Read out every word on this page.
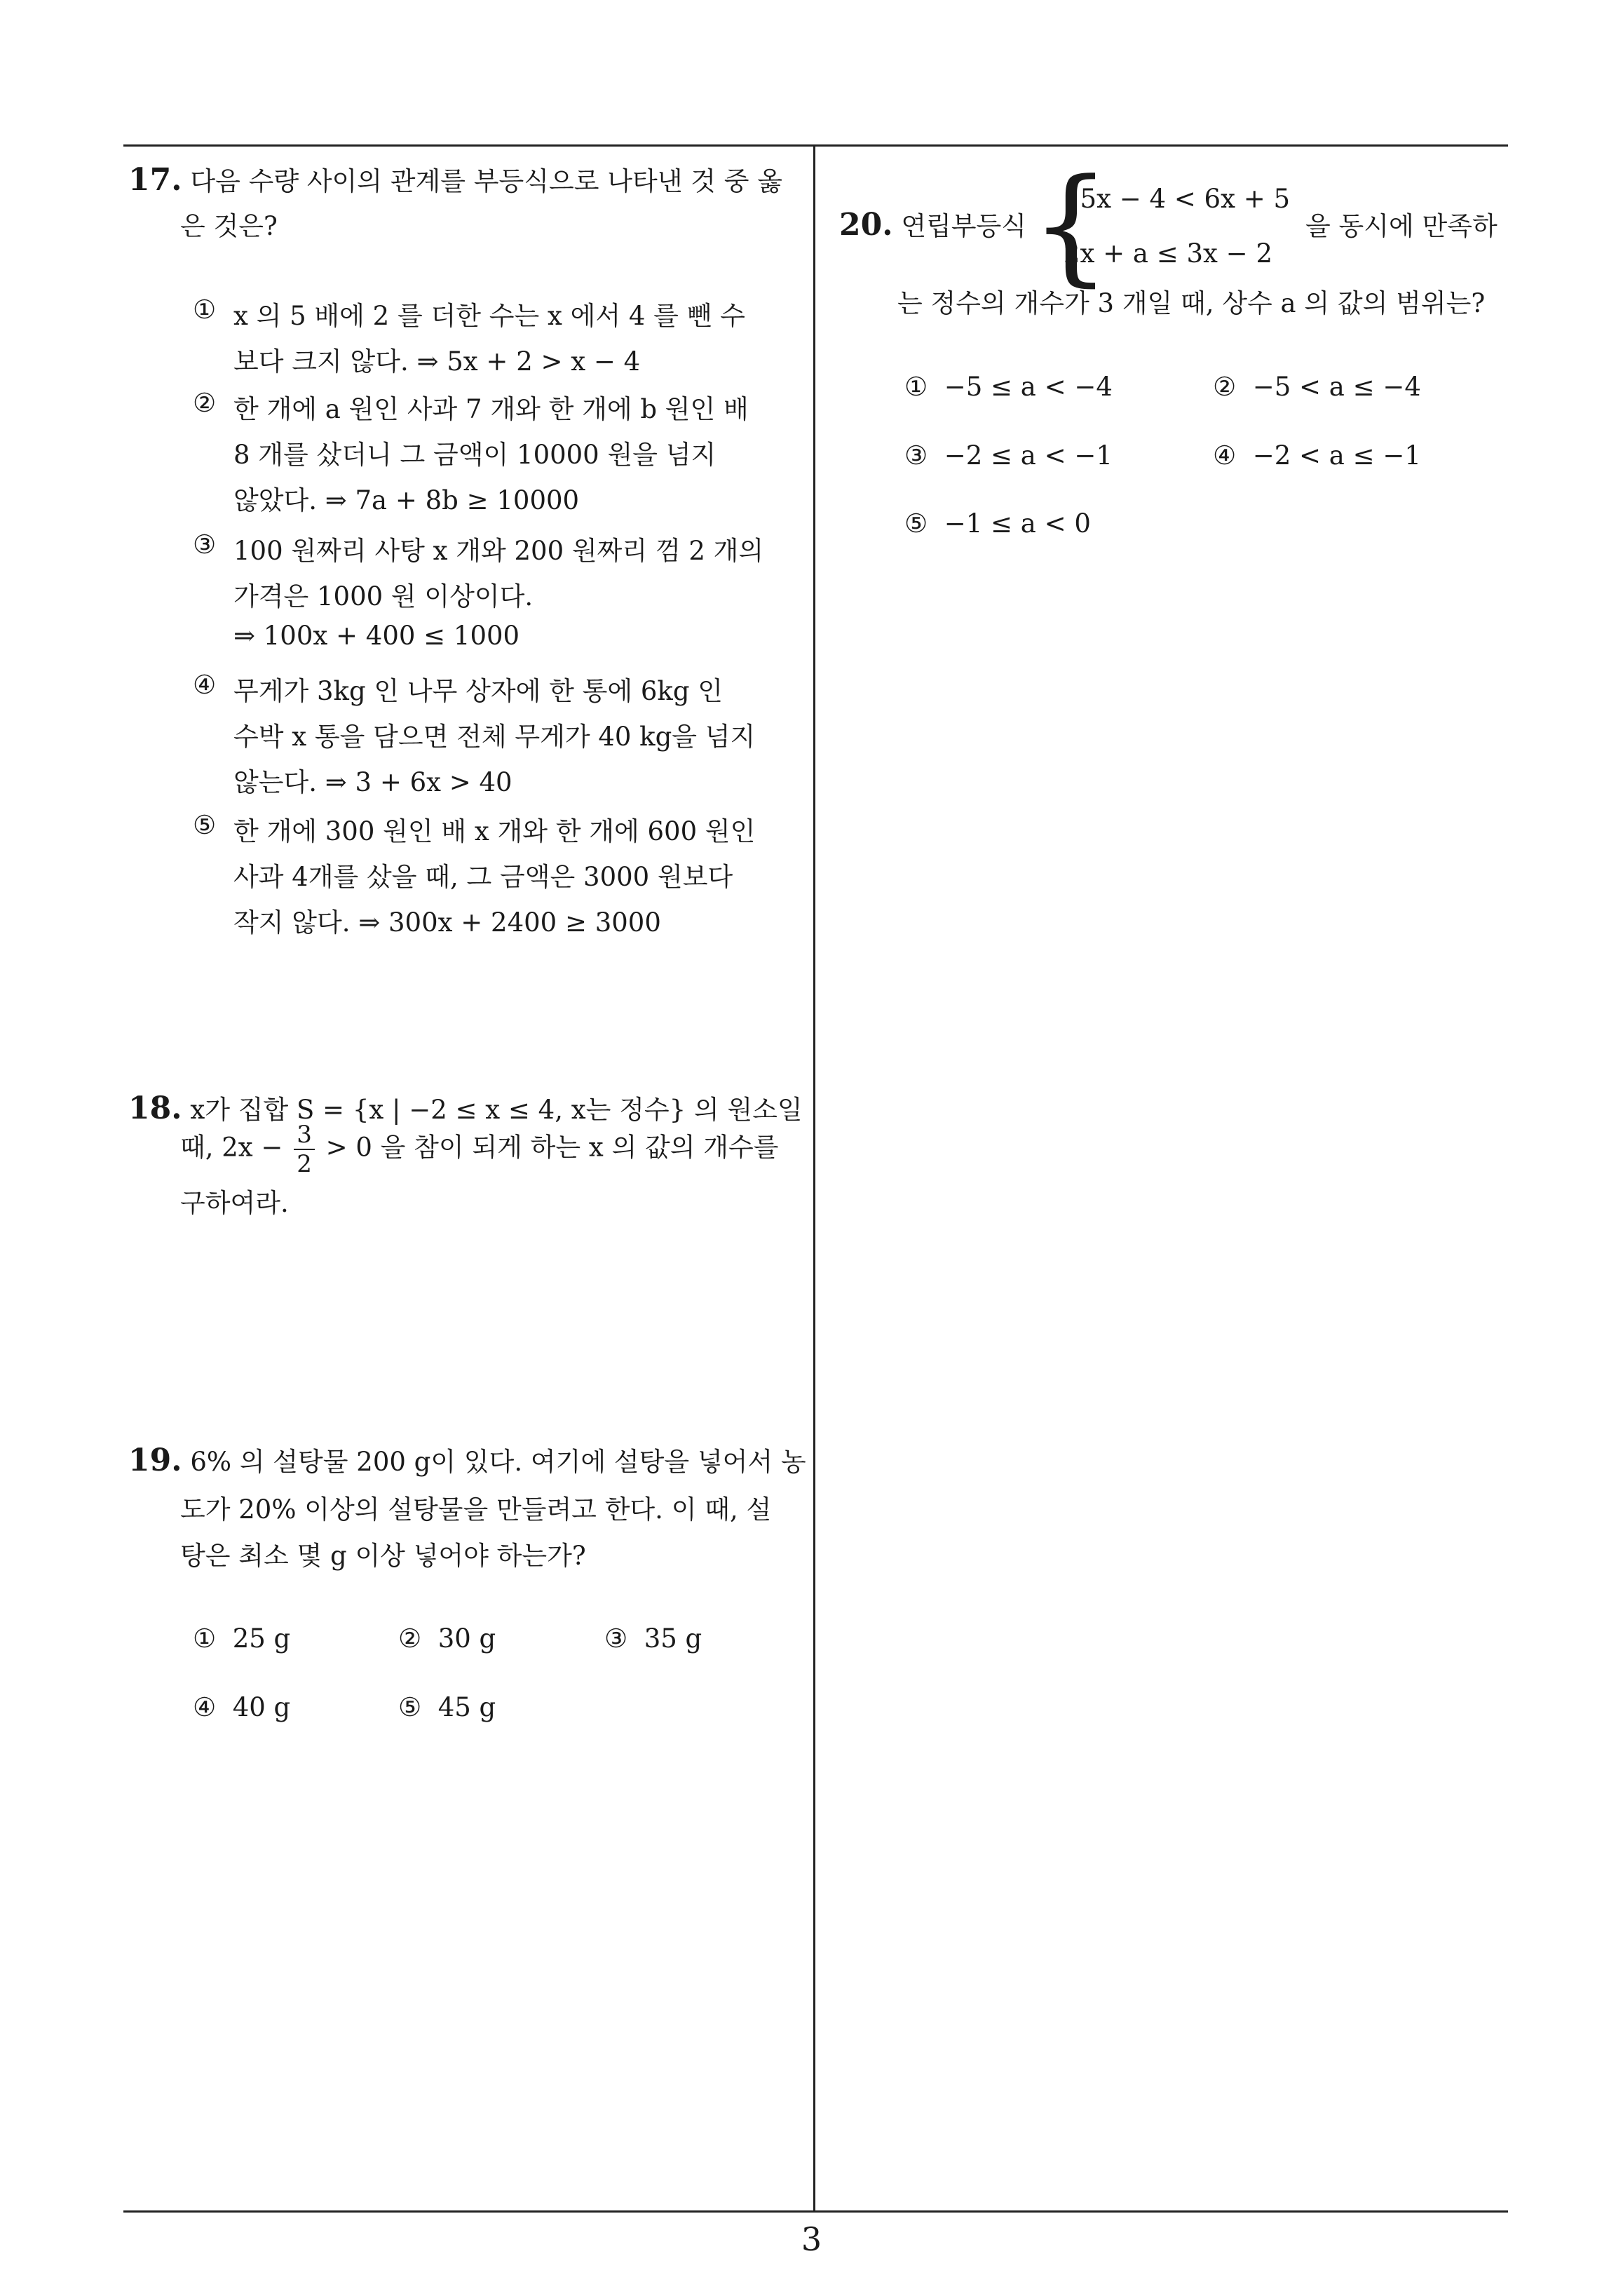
17. 다음 수량 사이의 관계를 부등식으로 나타낸 것 중 옳
은 것은?
① x 의 5 배에 2 를 더한 수는 x 에서 4 를 뺀 수
보다 크지 않다. ⇒ 5x + 2 > x − 4
② 한 개에 a 원인 사과 7 개와 한 개에 b 원인 배
8 개를 샀더니 그 금액이 10000 원을 넘지
않았다. ⇒ 7a + 8b ≥ 10000
③ 100 원짜리 사탕 x 개와 200 원짜리 껌 2 개의
가격은 1000 원 이상이다.
⇒ 100x + 400 ≤ 1000
④ 무게가 3kg 인 나무 상자에 한 통에 6kg 인
수박 x 통을 담으면 전체 무게가 40 kg을 넘지
않는다. ⇒ 3 + 6x > 40
⑤ 한 개에 300 원인 배 x 개와 한 개에 600 원인
사과 4개를 샀을 때, 그 금액은 3000 원보다
작지 않다. ⇒ 300x + 2400 ≥ 3000
18. x가 집합 S = {x | −2 ≤ x ≤ 4, x는 정수} 의 원소일
때, $2x - \frac{3}{2} > 0$ 을 참이 되게 하는 x 의 값의 개수를
구하여라.
19. 6% 의 설탕물 200 g이 있다. 여기에 설탕을 넣어서 농
도가 20% 이상의 설탕물을 만들려고 한다. 이 때, 설
탕은 최소 몇 g 이상 넣어야 하는가?
① 25 g	② 30 g	③ 35 g
④ 40 g	⑤ 45 g
20. 연립부등식 {
15x − 4 < 6x + 5
2x + a ≤ 3x − 2
을 동시에 만족하
는 정수의 개수가 3 개일 때, 상수 a 의 값의 범위는?
① −5 ≤ a < −4	② −5 < a ≤ −4
③ −2 ≤ a < −1	④ −2 < a ≤ −1
⑤ −1 ≤ a < 0
3
